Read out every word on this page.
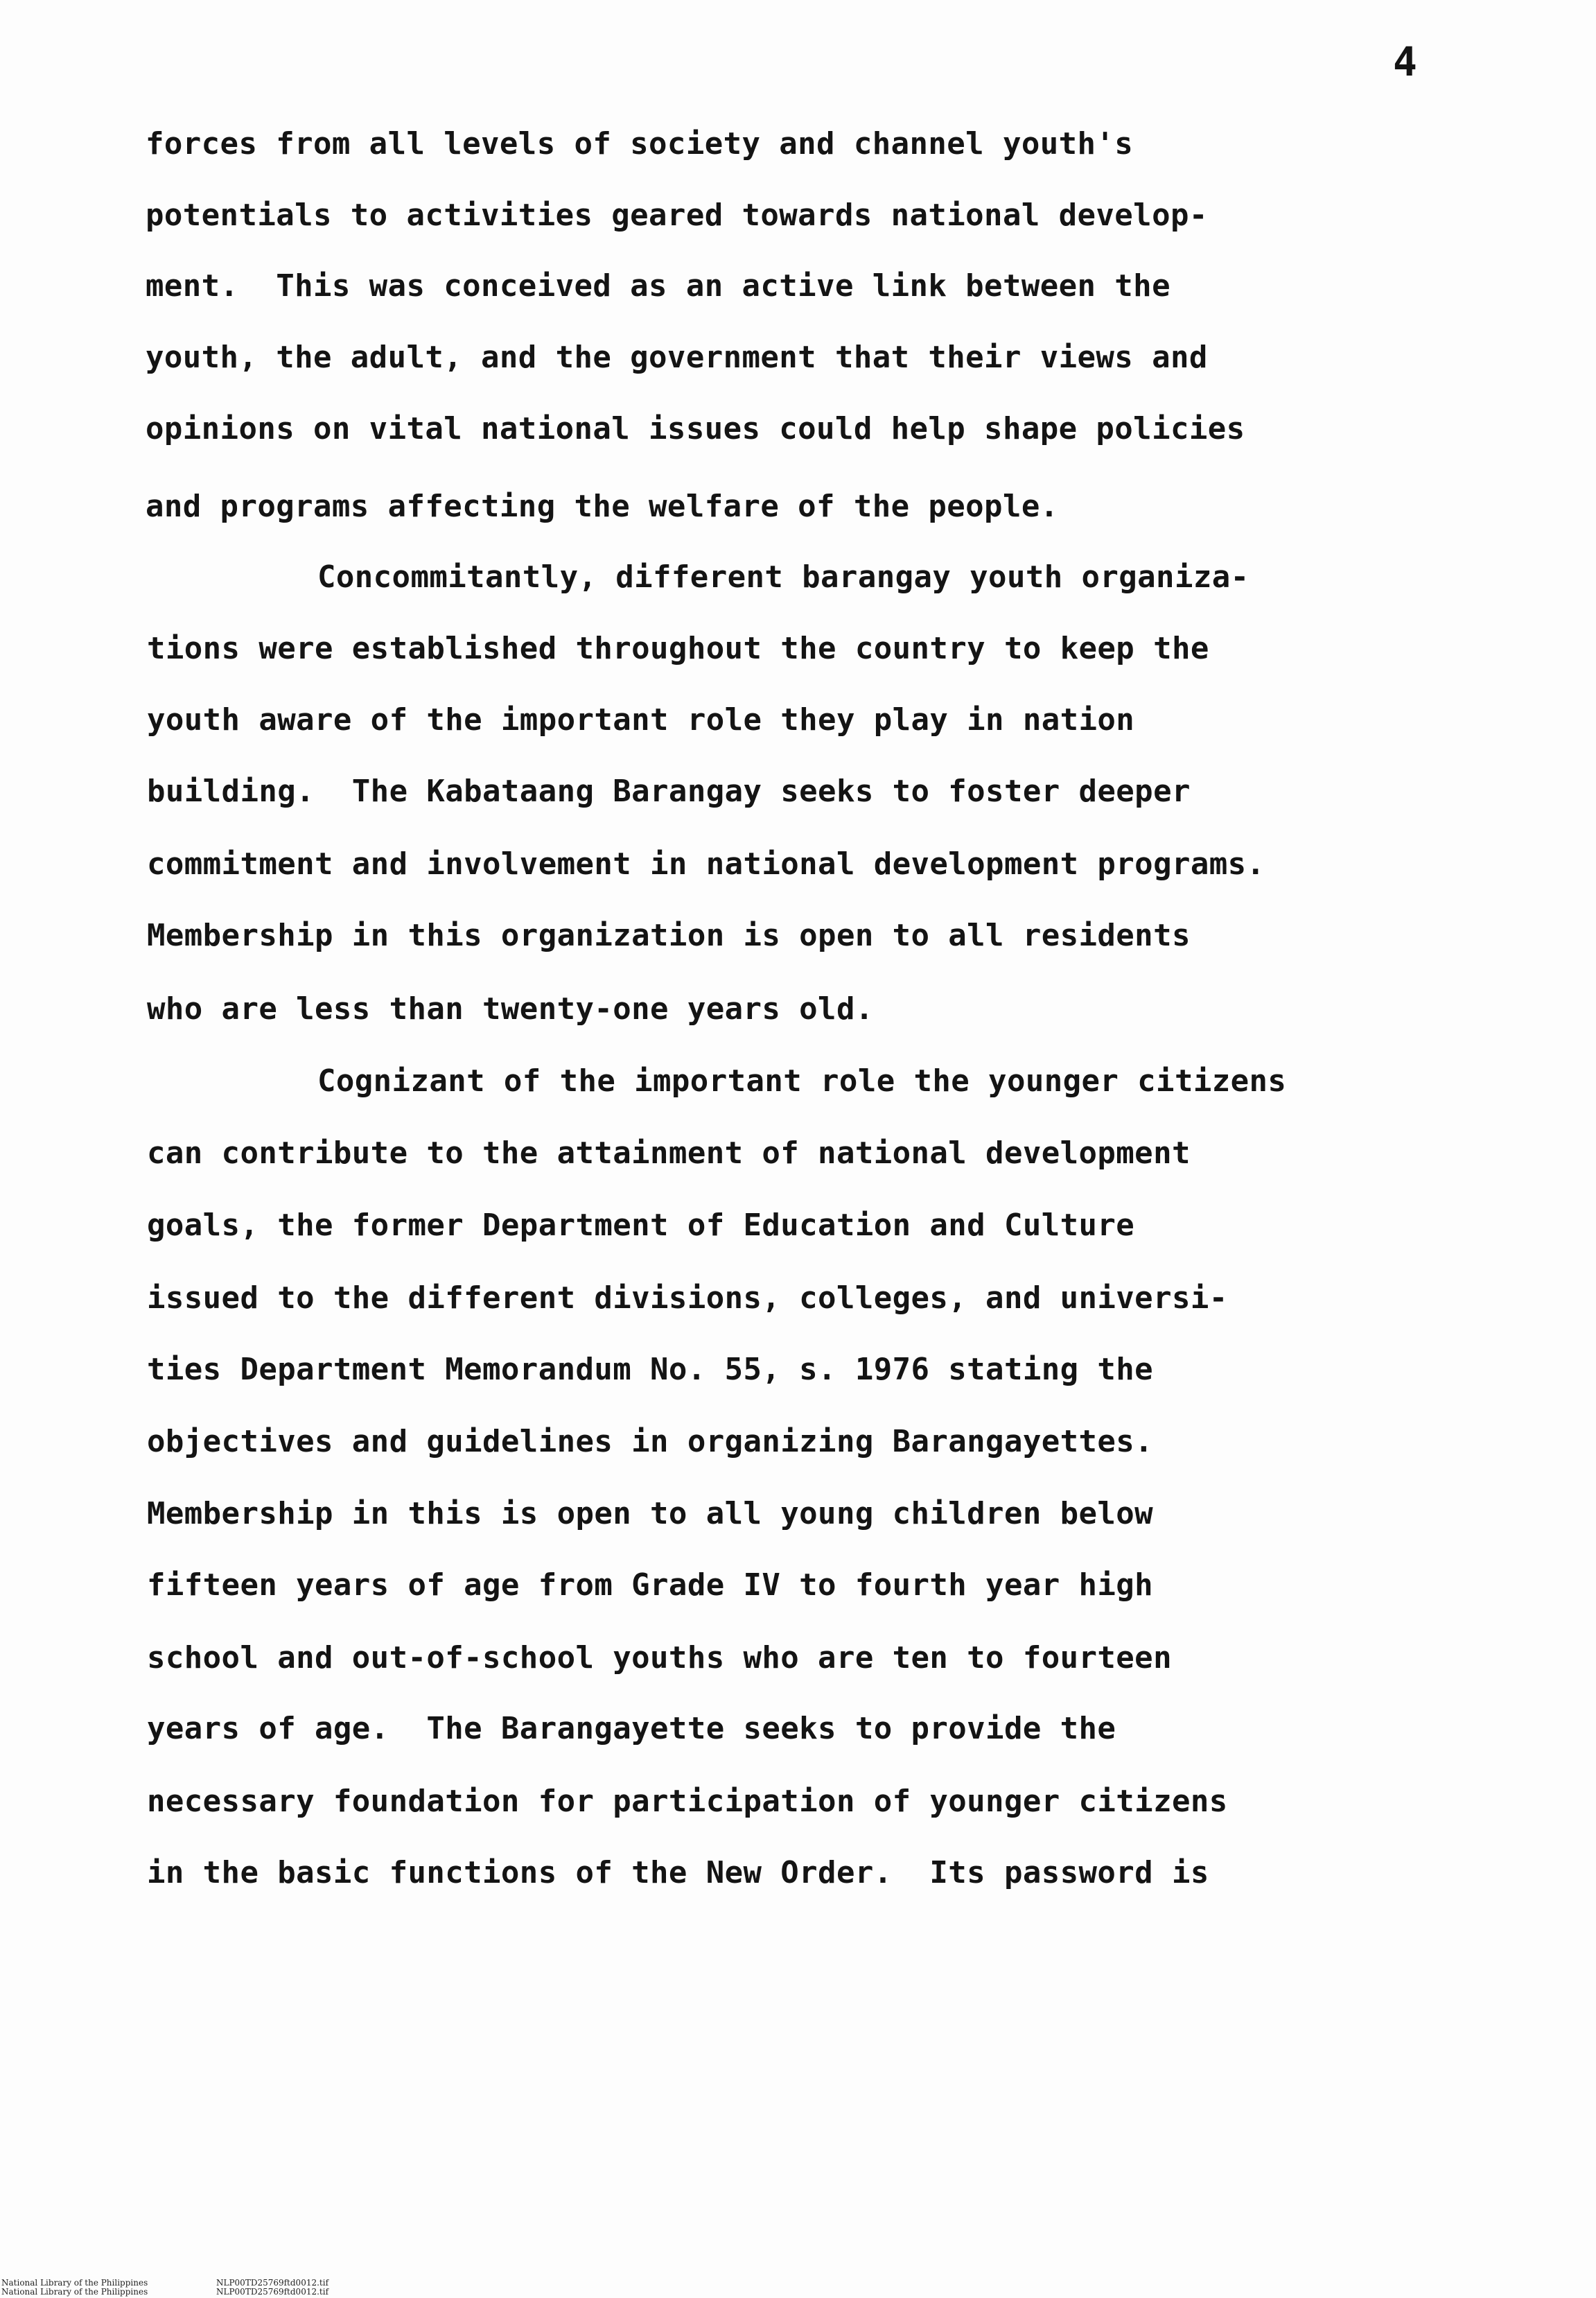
4

forces from all levels of society and channel youth's

potentials to activities geared towards national develop-

ment.  This was conceived as an active link between the

youth, the adult, and the government that their views and

opinions on vital national issues could help shape policies

and programs affecting the welfare of the people.

Concommitantly, different barangay youth organiza-

tions were established throughout the country to keep the

youth aware of the important role they play in nation

building.  The Kabataang Barangay seeks to foster deeper

commitment and involvement in national development programs.

Membership in this organization is open to all residents

who are less than twenty-one years old.

Cognizant of the important role the younger citizens

can contribute to the attainment of national development

goals, the former Department of Education and Culture

issued to the different divisions, colleges, and universi-

ties Department Memorandum No. 55, s. 1976 stating the

objectives and guidelines in organizing Barangayettes.

Membership in this is open to all young children below

fifteen years of age from Grade IV to fourth year high

school and out-of-school youths who are ten to fourteen

years of age.  The Barangayette seeks to provide the

necessary foundation for participation of younger citizens

in the basic functions of the New Order.  Its password is

National Library of the Philippines

National Library of the Philippines

NLP00TD25769ftd0012.tif

NLP00TD25769ftd0012.tif
